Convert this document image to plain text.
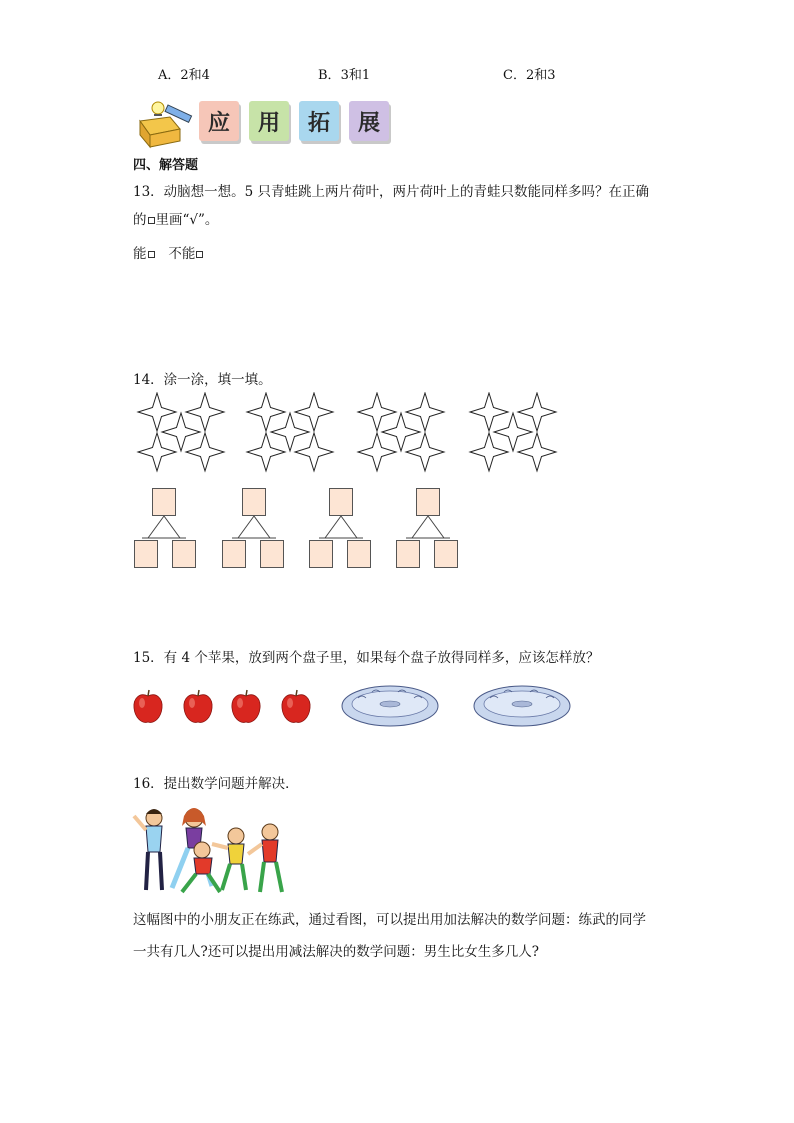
A．2和4	B．3和1	C．2和3
应	用	拓	展
四、解答题
13．动脑想一想。5 只青蛙跳上两片荷叶，两片荷叶上的青蛙只数能同样多吗？在正确
的 里画“√”。
能 不能
14．涂一涂，填一填。
15．有 4 个苹果，放到两个盘子里，如果每个盘子放得同样多，应该怎样放？
16．提出数学问题并解决．
这幅图中的小朋友正在练武，通过看图，可以提出用加法解决的数学问题：练武的同学
一共有几人?还可以提出用减法解决的数学问题：男生比女生多几人?
